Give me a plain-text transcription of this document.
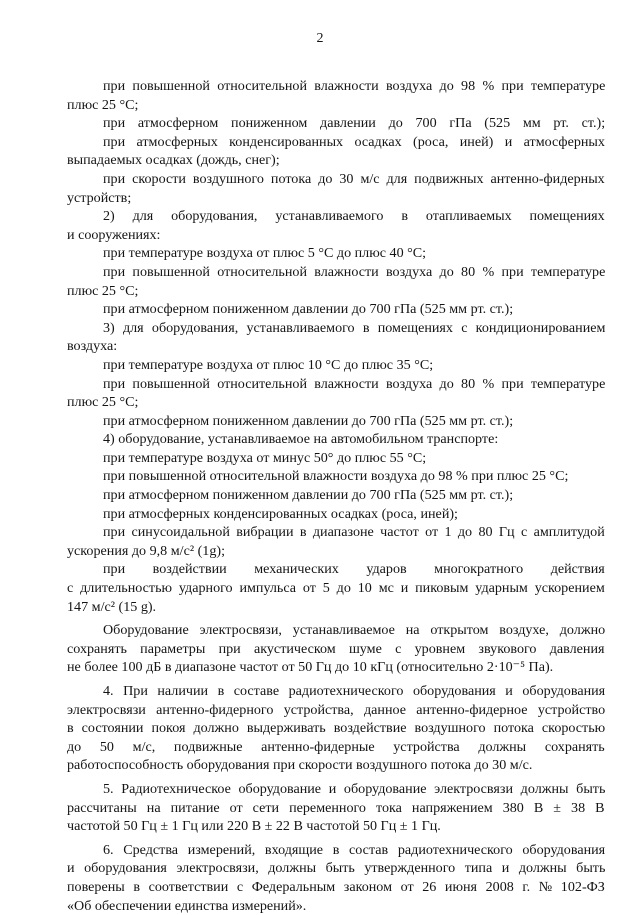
2
при повышенной относительной влажности воздуха до 98 % при температуре
плюс 25 °С;
при атмосферном пониженном давлении до 700 гПа (525 мм рт. ст.);
при атмосферных конденсированных осадках (роса, иней) и атмосферных
выпадаемых осадках (дождь, снег);
при скорости воздушного потока до 30 м/с для подвижных антенно-фидерных
устройств;
2) для оборудования, устанавливаемого в отапливаемых помещениях
и сооружениях:
при температуре воздуха от плюс 5 °С до плюс 40 °С;
при повышенной относительной влажности воздуха до 80 % при температуре
плюс 25 °С;
при атмосферном пониженном давлении до 700 гПа (525 мм рт. ст.);
3) для оборудования, устанавливаемого в помещениях с кондиционированием
воздуха:
при температуре воздуха от плюс 10 °С до плюс 35 °С;
при повышенной относительной влажности воздуха до 80 % при температуре
плюс 25 °С;
при атмосферном пониженном давлении до 700 гПа (525 мм рт. ст.);
4) оборудование, устанавливаемое на автомобильном транспорте:
при температуре воздуха от минус 50° до плюс 55 °С;
при повышенной относительной влажности воздуха до 98 % при плюс 25 °С;
при атмосферном пониженном давлении до 700 гПа (525 мм рт. ст.);
при атмосферных конденсированных осадках (роса, иней);
при синусоидальной вибрации в диапазоне частот от 1 до 80 Гц с амплитудой
ускорения до 9,8 м/с² (1g);
при воздействии механических ударов многократного действия
с длительностью ударного импульса от 5 до 10 мс и пиковым ударным ускорением
147 м/с² (15 g).
Оборудование электросвязи, устанавливаемое на открытом воздухе, должно
сохранять параметры при акустическом шуме с уровнем звукового давления
не более 100 дБ в диапазоне частот от 50 Гц до 10 кГц (относительно 2·10⁻⁵ Па).
4. При наличии в составе радиотехнического оборудования и оборудования
электросвязи антенно-фидерного устройства, данное антенно-фидерное устройство
в состоянии покоя должно выдерживать воздействие воздушного потока скоростью
до 50 м/с, подвижные антенно-фидерные устройства должны сохранять
работоспособность оборудования при скорости воздушного потока до 30 м/с.
5. Радиотехническое оборудование и оборудование электросвязи должны быть
рассчитаны на питание от сети переменного тока напряжением 380 В ± 38 В
частотой 50 Гц ± 1 Гц или 220 В ± 22 В частотой 50 Гц ± 1 Гц.
6. Средства измерений, входящие в состав радиотехнического оборудования
и оборудования электросвязи, должны быть утвержденного типа и должны быть
поверены в соответствии с Федеральным законом от 26 июня 2008 г. № 102-ФЗ
«Об обеспечении единства измерений».
